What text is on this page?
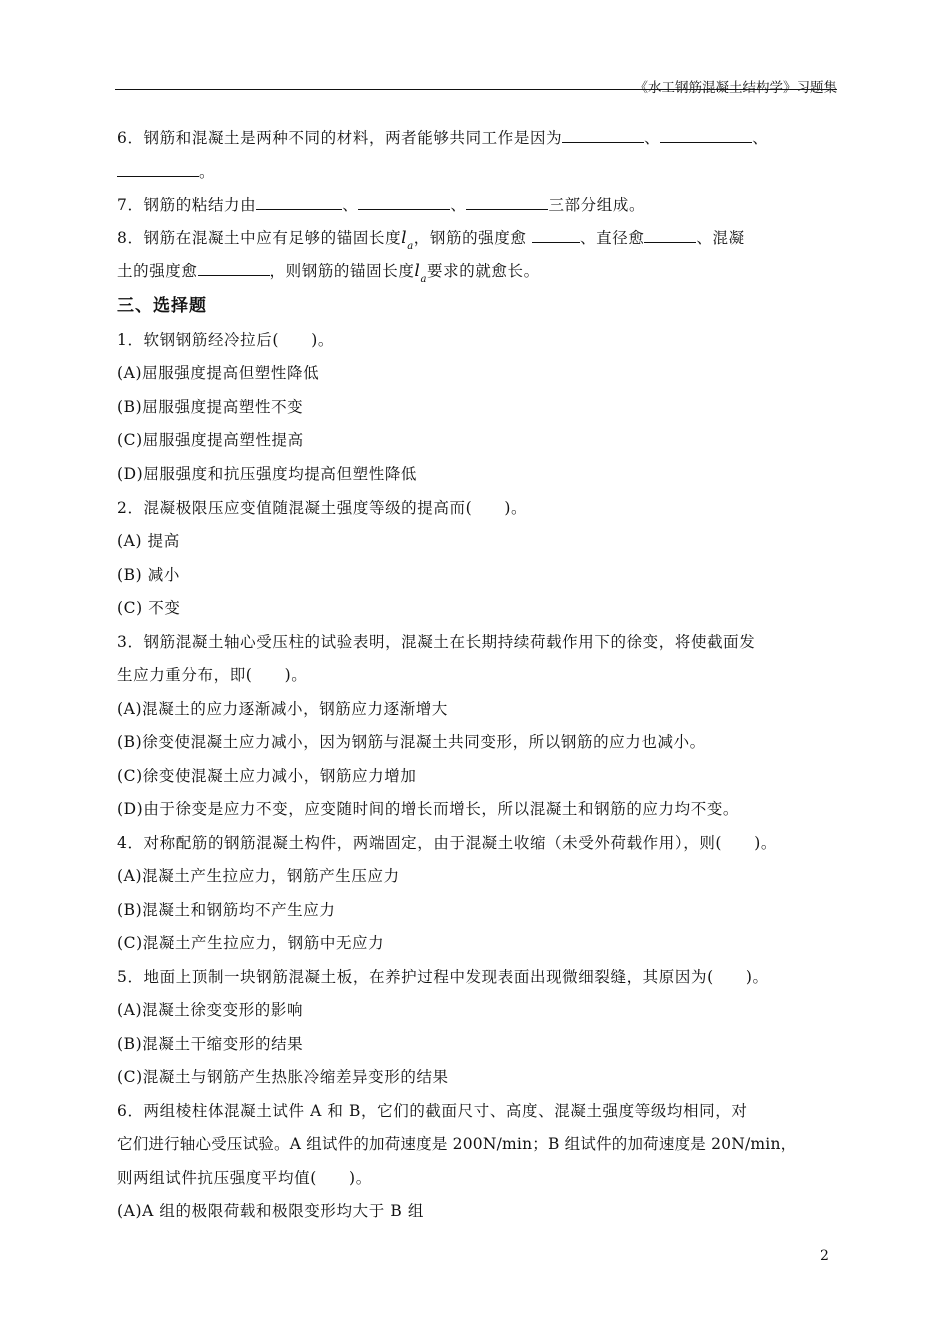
《水工钢筋混凝土结构学》习题集
6．钢筋和混凝土是两种不同的材料，两者能够共同工作是因为	、	、
。
7．钢筋的粘结力由	、	、	三部分组成。
8．钢筋在混凝土中应有足够的锚固长度$l_a$，钢筋的强度愈	、直径愈	、混凝
土的强度愈	，则钢筋的锚固长度$l_a$要求的就愈长。
三、选择题
1．软钢钢筋经冷拉后(　　)。
(A)屈服强度提高但塑性降低
(B)屈服强度提高塑性不变
(C)屈服强度提高塑性提高
(D)屈服强度和抗压强度均提高但塑性降低
2．混凝极限压应变值随混凝土强度等级的提高而(　　)。
(A) 提高
(B) 减小
(C) 不变
3．钢筋混凝土轴心受压柱的试验表明，混凝土在长期持续荷载作用下的徐变，将使截面发
生应力重分布，即(　　)。
(A)混凝土的应力逐渐减小，钢筋应力逐渐增大
(B)徐变使混凝土应力减小，因为钢筋与混凝土共同变形，所以钢筋的应力也减小。
(C)徐变使混凝土应力减小，钢筋应力增加
(D)由于徐变是应力不变，应变随时间的增长而增长，所以混凝土和钢筋的应力均不变。
4．对称配筋的钢筋混凝土构件，两端固定，由于混凝土收缩（未受外荷载作用），则(　　)。
(A)混凝土产生拉应力，钢筋产生压应力
(B)混凝土和钢筋均不产生应力
(C)混凝土产生拉应力，钢筋中无应力
5．地面上顶制一块钢筋混凝土板，在养护过程中发现表面出现微细裂缝，其原因为(　　)。
(A)混凝土徐变变形的影响
(B)混凝土干缩变形的结果
(C)混凝土与钢筋产生热胀冷缩差异变形的结果
6．两组棱柱体混凝土试件 A 和 B，它们的截面尺寸、高度、混凝土强度等级均相同，对
它们进行轴心受压试验。A 组试件的加荷速度是 200N/min；B 组试件的加荷速度是 20N/min，
则两组试件抗压强度平均值(　　)。
(A)A 组的极限荷载和极限变形均大于 B 组
2
